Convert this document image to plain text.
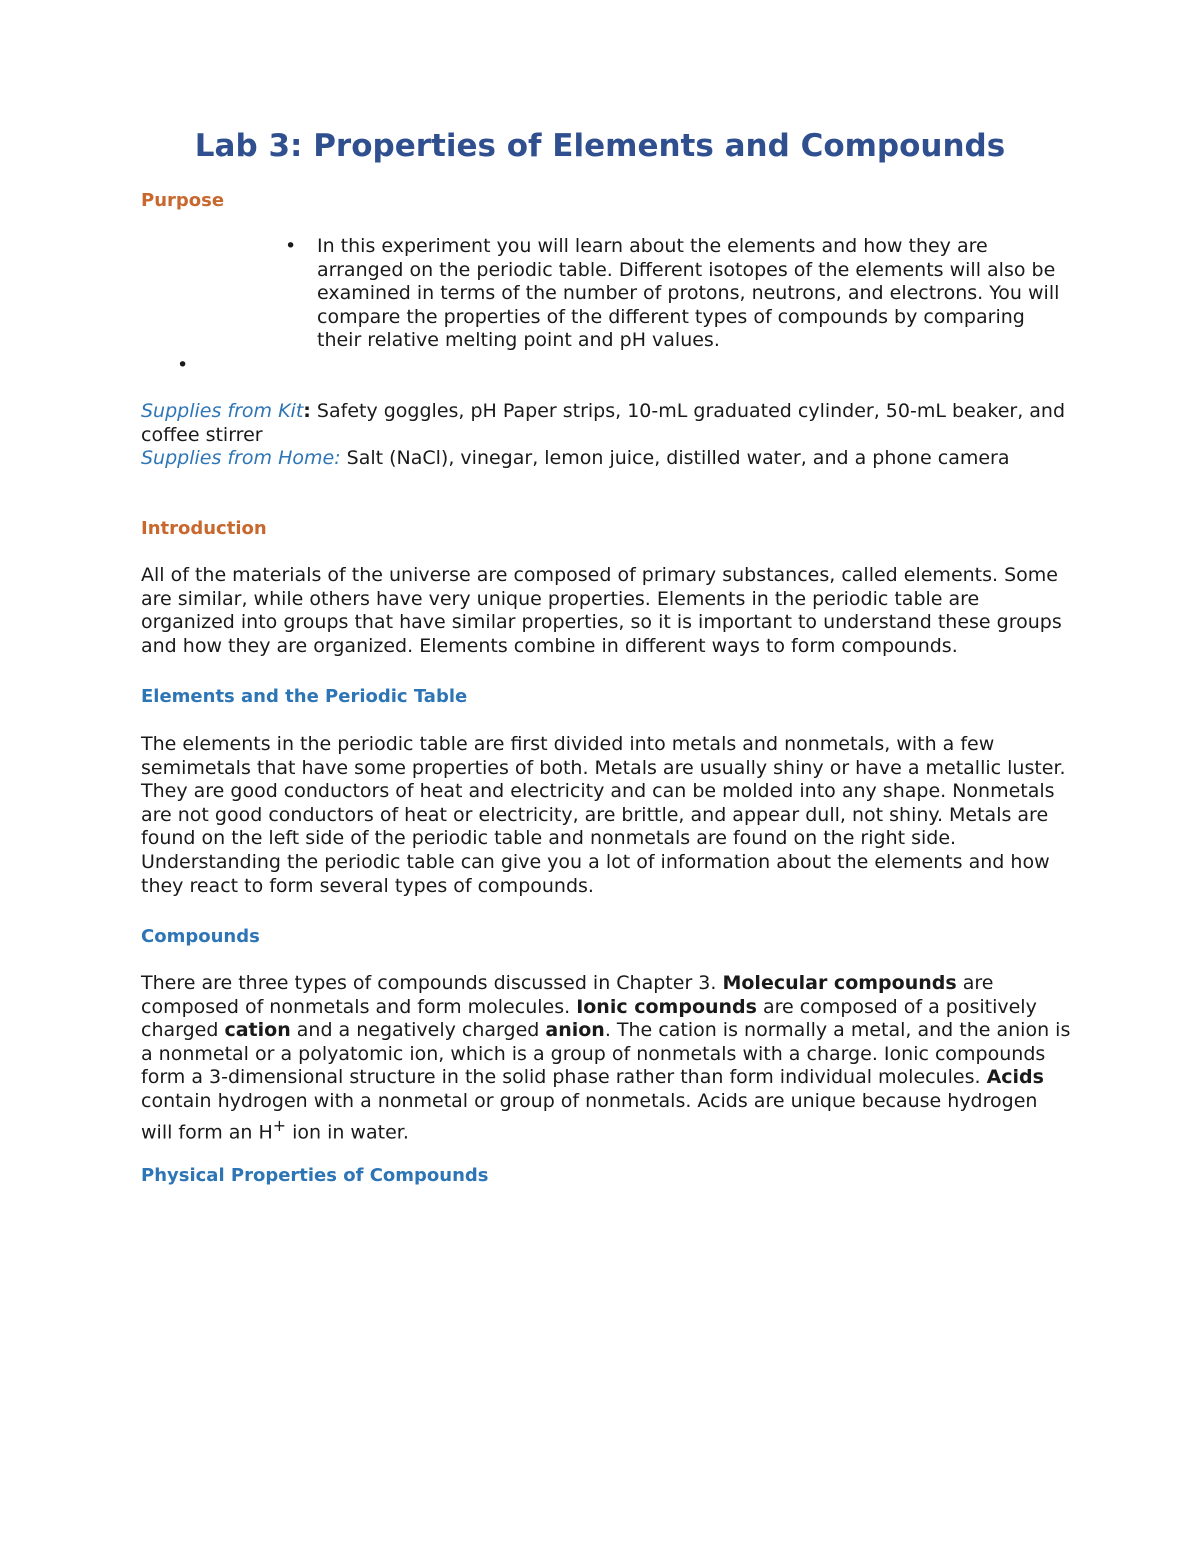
Lab 3: Properties of Elements and Compounds
Purpose
• In this experiment you will learn about the elements and how they are arranged on the periodic table. Different isotopes of the elements will also be examined in terms of the number of protons, neutrons, and electrons. You will compare the properties of the different types of compounds by comparing their relative melting point and pH values.

•

Supplies from Kit: Safety goggles, pH Paper strips, 10-mL graduated cylinder, 50-mL beaker, and coffee stirrer

Supplies from Home: Salt (NaCl), vinegar, lemon juice, distilled water, and a phone camera

Introduction

All of the materials of the universe are composed of primary substances, called elements. Some are similar, while others have very unique properties. Elements in the periodic table are organized into groups that have similar properties, so it is important to understand these groups and how they are organized. Elements combine in different ways to form compounds.

Elements and the Periodic Table

The elements in the periodic table are first divided into metals and nonmetals, with a few semimetals that have some properties of both. Metals are usually shiny or have a metallic luster. They are good conductors of heat and electricity and can be molded into any shape. Nonmetals are not good conductors of heat or electricity, are brittle, and appear dull, not shiny. Metals are found on the left side of the periodic table and nonmetals are found on the right side. Understanding the periodic table can give you a lot of information about the elements and how they react to form several types of compounds.

Compounds

There are three types of compounds discussed in Chapter 3. Molecular compounds are composed of nonmetals and form molecules. Ionic compounds are composed of a positively charged cation and a negatively charged anion. The cation is normally a metal, and the anion is a nonmetal or a polyatomic ion, which is a group of nonmetals with a charge. Ionic compounds form a 3-dimensional structure in the solid phase rather than form individual molecules. Acids contain hydrogen with a nonmetal or group of nonmetals. Acids are unique because hydrogen will form an H+ ion in water.

Physical Properties of Compounds
